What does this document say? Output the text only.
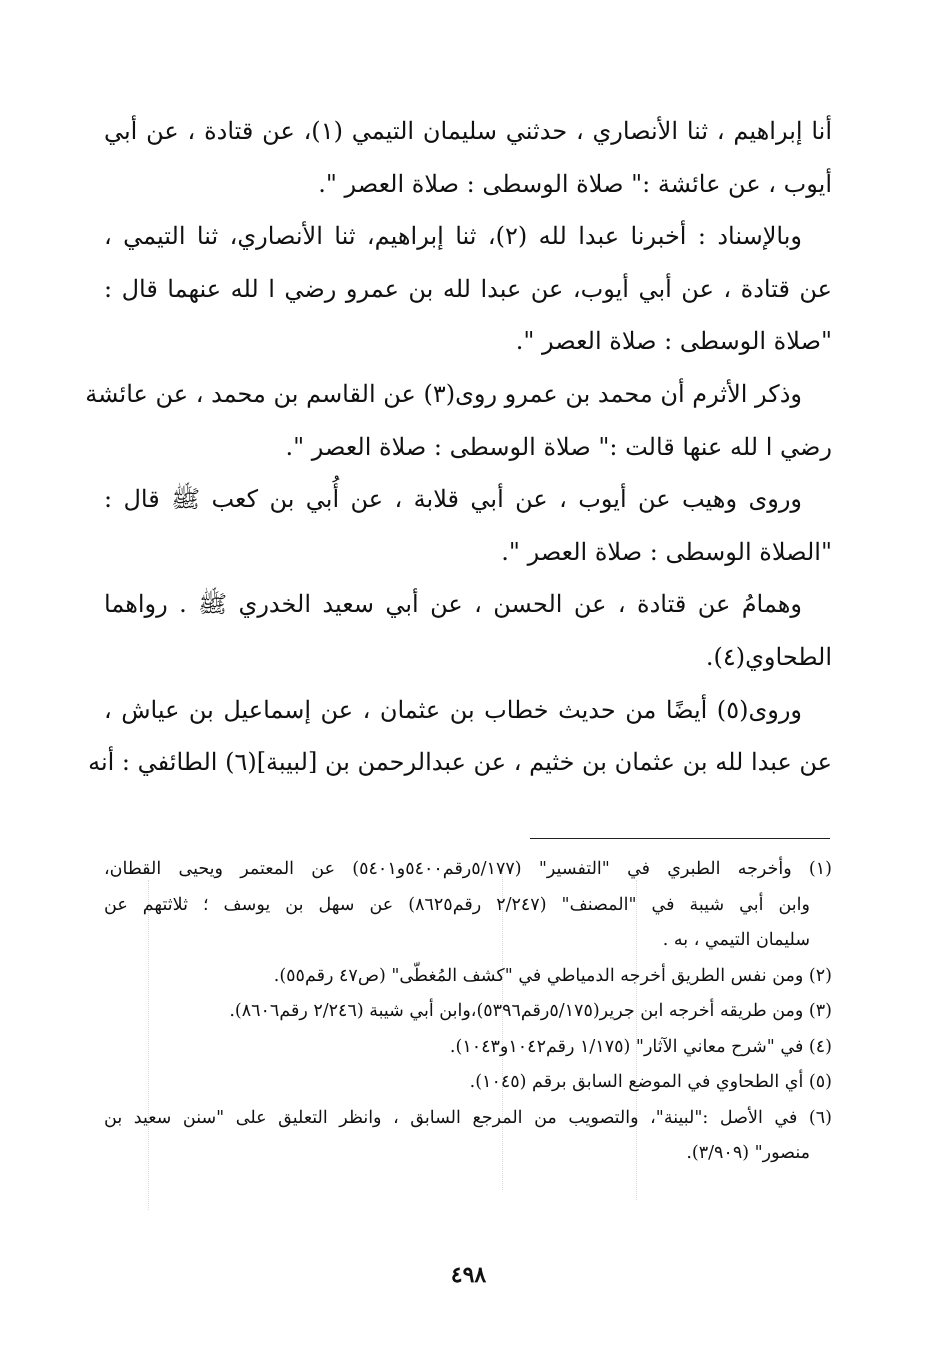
أنا إبراهيم ، ثنا الأنصاري ، حدثني سليمان التيمي (١)، عن قتادة ، عن أبي
أيوب ، عن عائشة :" صلاة الوسطى : صلاة العصر ".
وبالإسناد : أخبرنا عبدا لله (٢)، ثنا إبراهيم، ثنا الأنصاري، ثنا التيمي ،
عن قتادة ، عن أبي أيوب، عن عبدا لله بن عمرو رضي ا لله عنهما قال :
"صلاة الوسطى : صلاة العصر ".
وذكر الأثرم أن محمد بن عمرو روى(٣) عن القاسم بن محمد ، عن عائشة
رضي ا لله عنها قالت :" صلاة الوسطى : صلاة العصر ".
وروى وهيب عن أيوب ، عن أبي قلابة ، عن أُبي بن كعب ﷺ قال :
"الصلاة الوسطى : صلاة العصر ".
وهمامُ عن قتادة ، عن الحسن ، عن أبي سعيد الخدري ﷺ . رواهما
الطحاوي(٤).
وروى(٥) أيضًا من حديث خطاب بن عثمان ، عن إسماعيل بن عياش ،
عن عبدا لله بن عثمان بن خثيم ، عن عبدالرحمن بن [لبيبة](٦) الطائفي : أنه
(١) وأخرجه الطبري في "التفسير" (٥/١٧٧رقم٥٤٠٠و٥٤٠١) عن المعتمر ويحيى القطان،
وابن أبي شيبة في "المصنف" (٢/٢٤٧ رقم٨٦٢٥) عن سهل بن يوسف ؛ ثلاثتهم عن
سليمان التيمي ، به .
(٢) ومن نفس الطريق أخرجه الدمياطي في "كشف المُغطّى" (ص٤٧ رقم٥٥).
(٣) ومن طريقه أخرجه ابن جرير(٥/١٧٥رقم٥٣٩٦)،وابن أبي شيبة (٢/٢٤٦ رقم٨٦٠٦).
(٤) في "شرح معاني الآثار" (١/١٧٥ رقم١٠٤٢و١٠٤٣).
(٥) أي الطحاوي في الموضع السابق برقم (١٠٤٥).
(٦) في الأصل :"لبينة"، والتصويب من المرجع السابق ، وانظر التعليق على "سنن سعيد بن
منصور" (٣/٩٠٩).
٤٩٨
